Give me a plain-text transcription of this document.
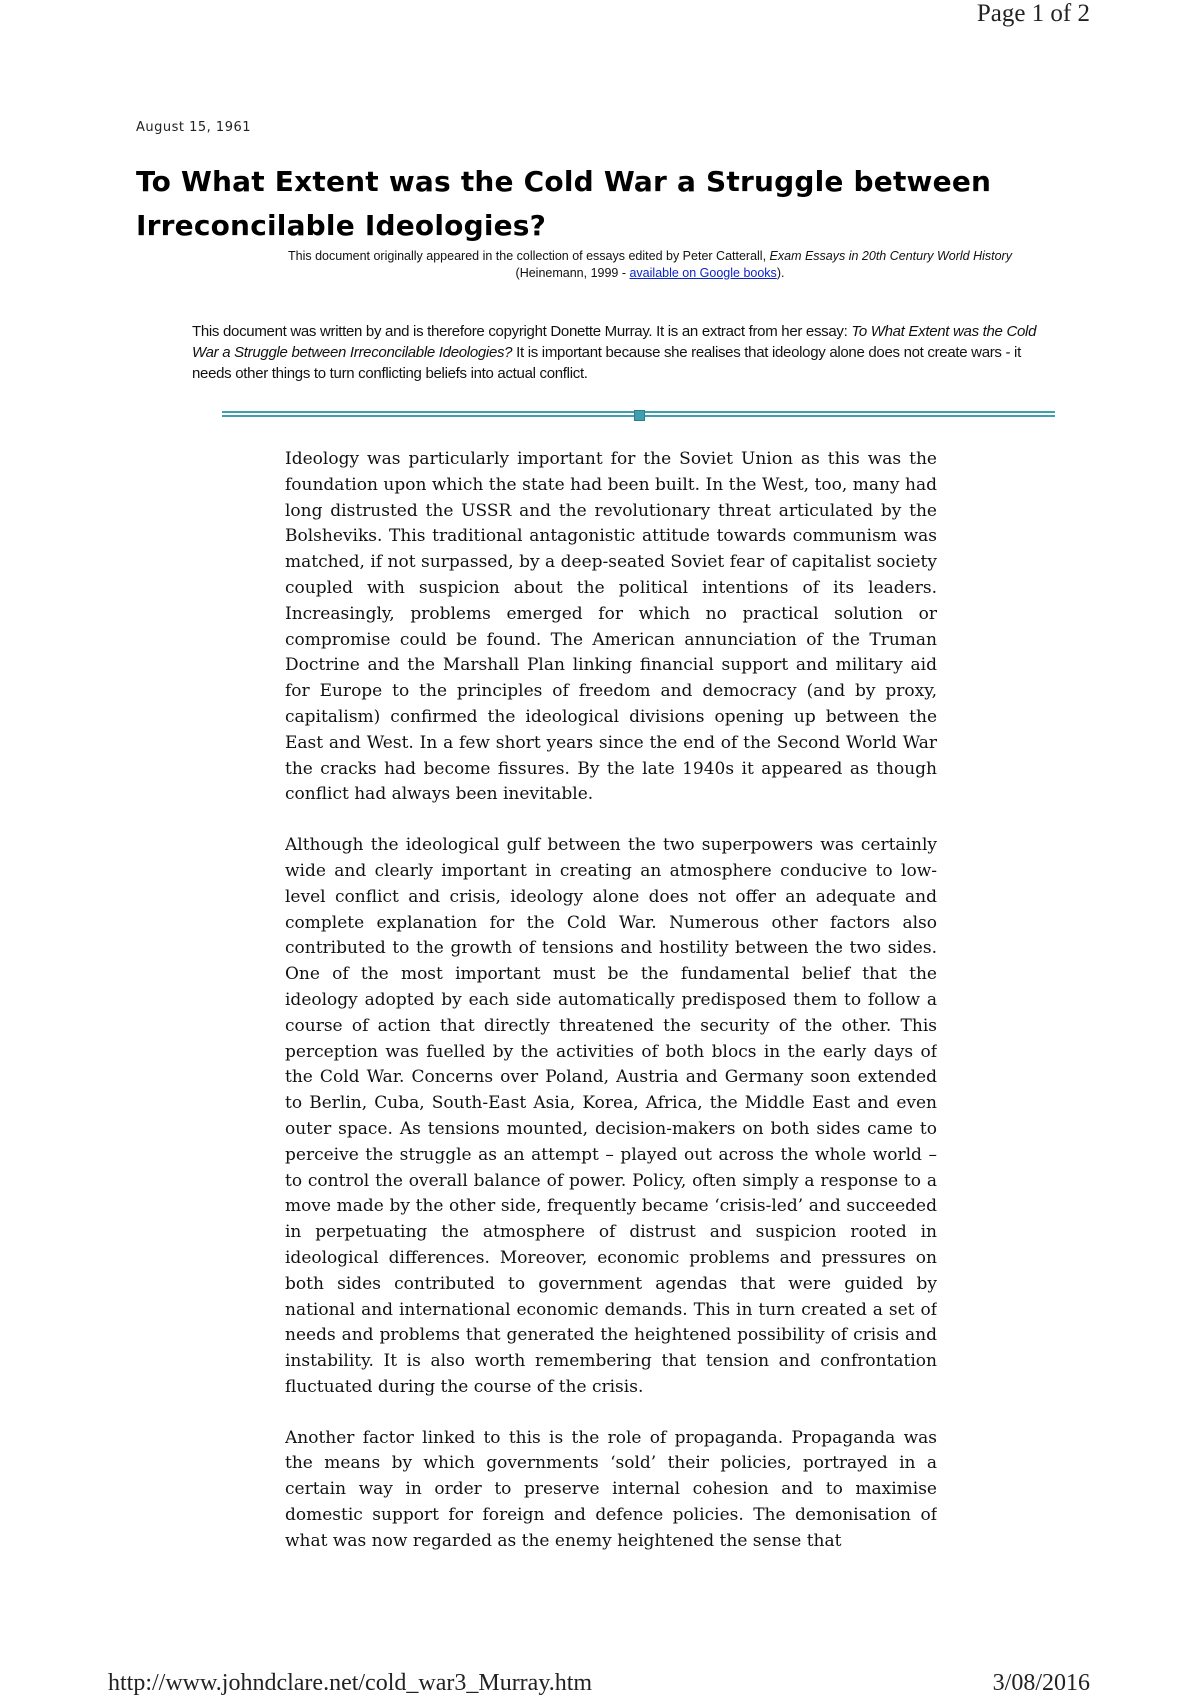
Page 1 of 2
August 15, 1961
To What Extent was the Cold War a Struggle between Irreconcilable Ideologies?
This document originally appeared in the collection of essays edited by Peter Catterall, Exam Essays in 20th Century World History
(Heinemann, 1999 - available on Google books).
This document was written by and is therefore copyright Donette Murray. It is an extract from her essay: To What Extent was the Cold War a Struggle between Irreconcilable Ideologies? It is important because she realises that ideology alone does not create wars - it needs other things to turn conflicting beliefs into actual conflict.

Ideology was particularly important for the Soviet Union as this was the foundation upon which the state had been built. In the West, too, many had long distrusted the USSR and the revolutionary threat articulated by the Bolsheviks. This traditional antagonistic attitude towards communism was matched, if not surpassed, by a deep-seated Soviet fear of capitalist society coupled with suspicion about the political intentions of its leaders. Increasingly, problems emerged for which no practical solution or compromise could be found. The American annunciation of the Truman Doctrine and the Marshall Plan linking financial support and military aid for Europe to the principles of freedom and democracy (and by proxy, capitalism) confirmed the ideological divisions opening up between the East and West. In a few short years since the end of the Second World War the cracks had become fissures. By the late 1940s it appeared as though conflict had always been inevitable.

Although the ideological gulf between the two superpowers was certainly wide and clearly important in creating an atmosphere conducive to low-level conflict and crisis, ideology alone does not offer an adequate and complete explanation for the Cold War. Numerous other factors also contributed to the growth of tensions and hostility between the two sides. One of the most important must be the fundamental belief that the ideology adopted by each side automatically predisposed them to follow a course of action that directly threatened the security of the other. This perception was fuelled by the activities of both blocs in the early days of the Cold War. Concerns over Poland, Austria and Germany soon extended to Berlin, Cuba, South-East Asia, Korea, Africa, the Middle East and even outer space. As tensions mounted, decision-makers on both sides came to perceive the struggle as an attempt – played out across the whole world – to control the overall balance of power. Policy, often simply a response to a move made by the other side, frequently became ‘crisis-led’ and succeeded in perpetuating the atmosphere of distrust and suspicion rooted in ideological differences. Moreover, economic problems and pressures on both sides contributed to government agendas that were guided by national and international economic demands. This in turn created a set of needs and problems that generated the heightened possibility of crisis and instability. It is also worth remembering that tension and confrontation fluctuated during the course of the crisis.

Another factor linked to this is the role of propaganda. Propaganda was the means by which governments ‘sold’ their policies, portrayed in a certain way in order to preserve internal cohesion and to maximise domestic support for foreign and defence policies. The demonisation of what was now regarded as the enemy heightened the sense that

http://www.johndclare.net/cold_war3_Murray.htm	3/08/2016
